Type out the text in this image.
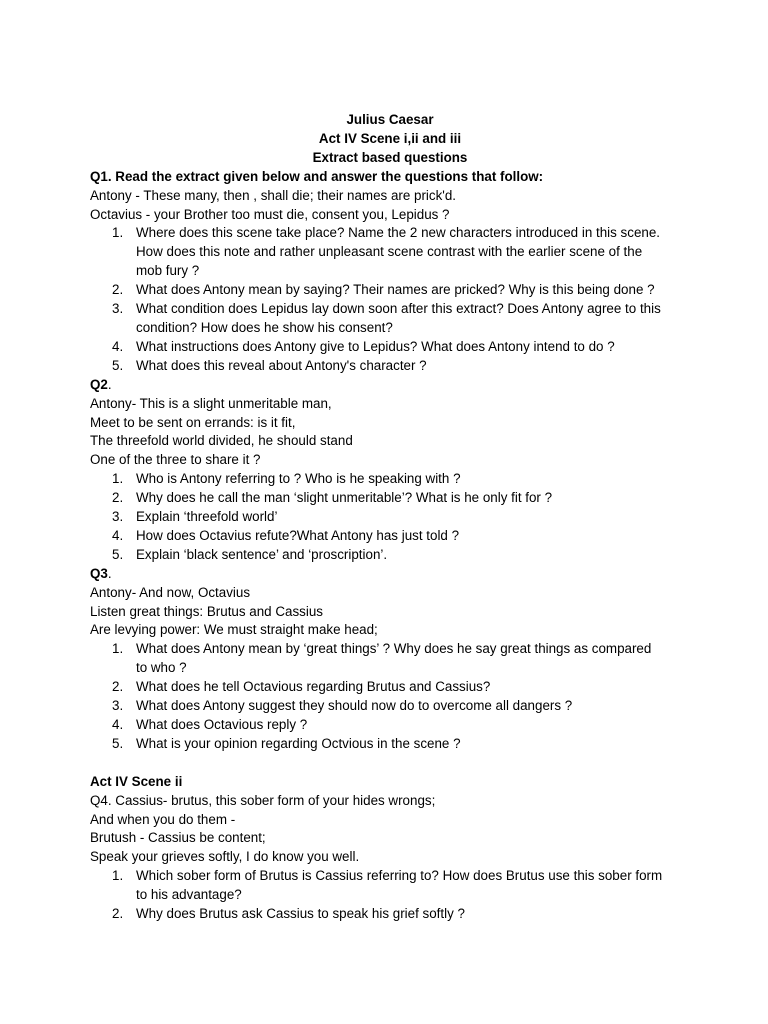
Julius Caesar
Act IV Scene i,ii and iii
Extract based questions
Q1. Read the extract given below and answer the questions that follow:
Antony - These many, then , shall die; their names are prick'd.
Octavius - your Brother too must die, consent you, Lepidus ?
1. Where does this scene take place? Name the 2 new characters introduced in this scene.
How does this note and rather unpleasant scene contrast with the earlier scene of the
mob fury ?
2. What does Antony mean by saying? Their names are pricked? Why is this being done ?
3. What condition does Lepidus lay down soon after this extract? Does Antony agree to this
condition? How does he show his consent?
4. What instructions does Antony give to Lepidus? What does Antony intend to do ?
5. What does this reveal about Antony's character ?
Q2.
Antony- This is a slight unmeritable man,
Meet to be sent on errands: is it fit,
The threefold world divided, he should stand
One of the three to share it ?
1. Who is Antony referring to ? Who is he speaking with ?
2. Why does he call the man ‘slight unmeritable’? What is he only fit for ?
3. Explain ‘threefold world’
4. How does Octavius refute?What Antony has just told ?
5. Explain ‘black sentence’ and ‘proscription’.
Q3.
Antony- And now, Octavius
Listen great things: Brutus and Cassius
Are levying power: We must straight make head;
1. What does Antony mean by ‘great things’ ? Why does he say great things as compared
to who ?
2. What does he tell Octavious regarding Brutus and Cassius?
3. What does Antony suggest they should now do to overcome all dangers ?
4. What does Octavious reply ?
5. What is your opinion regarding Octvious in the scene ?
Act IV Scene ii
Q4. Cassius- brutus, this sober form of your hides wrongs;
And when you do them -
Brutush - Cassius be content;
Speak your grieves softly, I do know you well.
1. Which sober form of Brutus is Cassius referring to? How does Brutus use this sober form
to his advantage?
2. Why does Brutus ask Cassius to speak his grief softly ?
